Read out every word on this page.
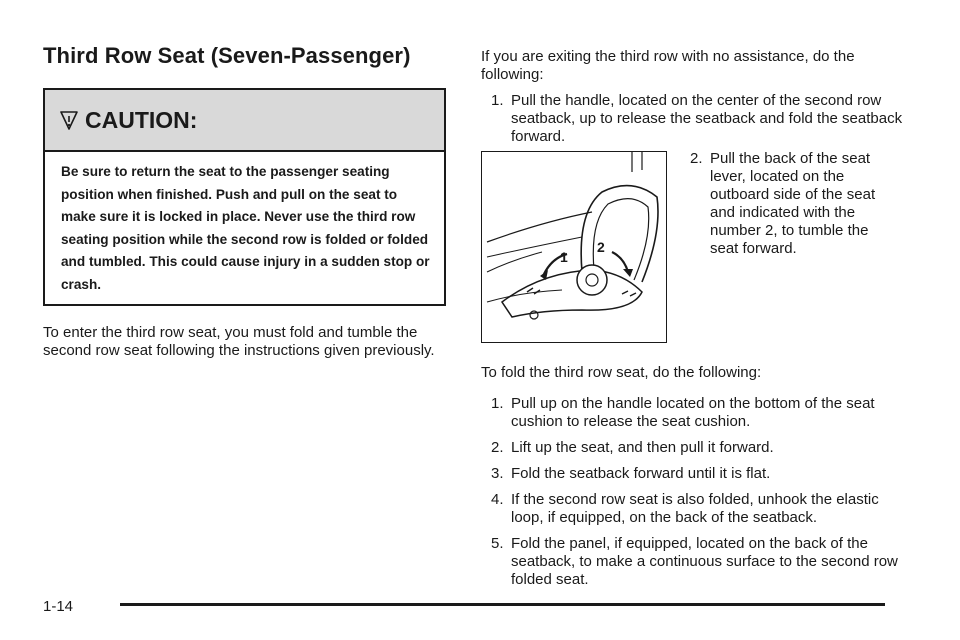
Third Row Seat (Seven-Passenger)
CAUTION:
Be sure to return the seat to the passenger seating position when finished. Push and pull on the seat to make sure it is locked in place. Never use the third row seating position while the second row is folded or folded and tumbled. This could cause injury in a sudden stop or crash.

To enter the third row seat, you must fold and tumble the second row seat following the instructions given previously.

If you are exiting the third row with no assistance, do the following:

1. Pull the handle, located on the center of the second row seatback, up to release the seatback and fold the seatback forward.
1
2
2. Pull the back of the seat lever, located on the outboard side of the seat and indicated with the number 2, to tumble the seat forward.

To fold the third row seat, do the following:

1. Pull up on the handle located on the bottom of the seat cushion to release the seat cushion.
2. Lift up the seat, and then pull it forward.
3. Fold the seatback forward until it is flat.
4. If the second row seat is also folded, unhook the elastic loop, if equipped, on the back of the seatback.
5. Fold the panel, if equipped, located on the back of the seatback, to make a continuous surface to the second row folded seat.
1-14
